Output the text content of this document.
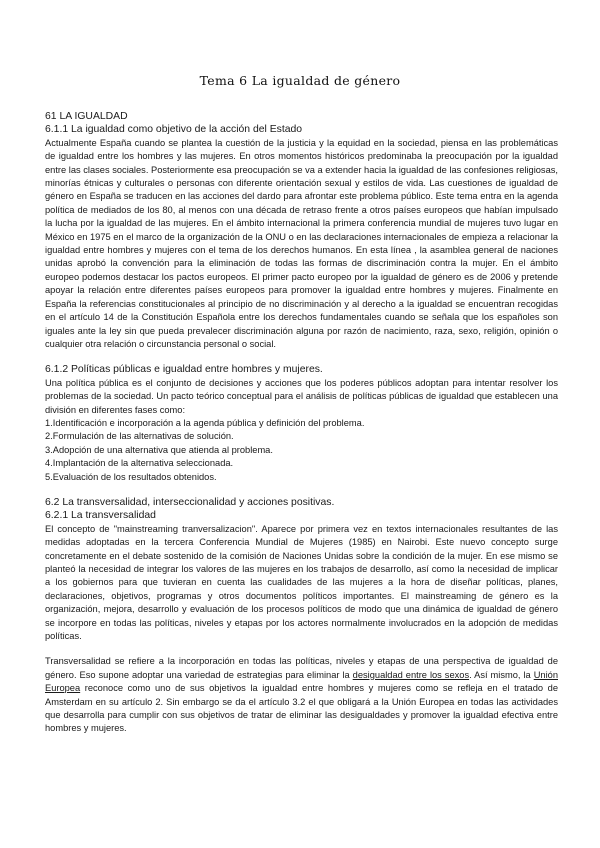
Tema 6 La igualdad de género
61 LA IGUALDAD
6.1.1 La igualdad como objetivo de la acción del Estado

Actualmente España cuando se plantea la cuestión de la justicia y la equidad en la sociedad, piensa en las problemáticas de igualdad entre los hombres y las mujeres. En otros momentos históricos predominaba la preocupación por la igualdad entre las clases sociales. Posteriormente esa preocupación se va a extender hacia la igualdad de las confesiones religiosas, minorías étnicas y culturales o personas con diferente orientación sexual y estilos de vida. Las cuestiones de igualdad de género en España se traducen en las acciones del dardo para afrontar este problema público. Este tema entra en la agenda política de mediados de los 80, al menos con una década de retraso frente a otros países europeos que habían impulsado la lucha por la igualdad de las mujeres. En el ámbito internacional la primera conferencia mundial de mujeres tuvo lugar en México en 1975 en el marco de la organización de la ONU o en las declaraciones internacionales de empieza a relacionar la igualdad entre hombres y mujeres con el tema de los derechos humanos. En esta línea , la asamblea general de naciones unidas aprobó la convención para la eliminación de todas las formas de discriminación contra la mujer. En el ámbito europeo podemos destacar los pactos europeos. El primer pacto europeo por la igualdad de género es de 2006 y pretende apoyar la relación entre diferentes países europeos para promover la igualdad entre hombres y mujeres. Finalmente en España la referencias constitucionales al principio de no discriminación y al derecho a la igualdad se encuentran recogidas en el artículo 14 de la Constitución Española entre los derechos fundamentales cuando se señala que los españoles son iguales ante la ley sin que pueda prevalecer discriminación alguna por razón de nacimiento, raza, sexo, religión, opinión o cualquier otra relación o circunstancia personal o social.

6.1.2 Políticas públicas e igualdad entre hombres y mujeres.

Una política pública es el conjunto de decisiones y acciones que los poderes públicos adoptan para intentar resolver los problemas de la sociedad. Un pacto teórico conceptual para el análisis de políticas públicas de igualdad que establecen una división en diferentes fases como:

1.Identificación e incorporación a la agenda pública y definición del problema.
2.Formulación de las alternativas de solución.
3.Adopción de una alternativa que atienda al problema.
4.Implantación de la alternativa seleccionada.
5.Evaluación de los resultados obtenidos.
6.2 La transversalidad, interseccionalidad y acciones positivas.
6.2.1 La transversalidad

El concepto de "mainstreaming tranversalizacion". Aparece por primera vez en textos internacionales resultantes de las medidas adoptadas en la tercera Conferencia Mundial de Mujeres (1985) en Nairobi. Este nuevo concepto surge concretamente en el debate sostenido de la comisión de Naciones Unidas sobre la condición de la mujer. En ese mismo se planteó la necesidad de integrar los valores de las mujeres en los trabajos de desarrollo, así como la necesidad de implicar a los gobiernos para que tuvieran en cuenta las cualidades de las mujeres a la hora de diseñar políticas, planes, declaraciones, objetivos, programas y otros documentos políticos importantes. El mainstreaming de género es la organización, mejora, desarrollo y evaluación de los procesos políticos de modo que una dinámica de igualdad de género se incorpore en todas las políticas, niveles y etapas por los actores normalmente involucrados en la adopción de medidas políticas.

Transversalidad se refiere a la incorporación en todas las políticas, niveles y etapas de una perspectiva de igualdad de género. Eso supone adoptar una variedad de estrategias para eliminar la desigualdad entre los sexos. Así mismo, la Unión Europea reconoce como uno de sus objetivos la igualdad entre hombres y mujeres como se refleja en el tratado de Amsterdam en su artículo 2. Sin embargo se da el artículo 3.2 el que obligará a la Unión Europea en todas las actividades que desarrolla para cumplir con sus objetivos de tratar de eliminar las desigualdades y promover la igualdad efectiva entre hombres y mujeres.
